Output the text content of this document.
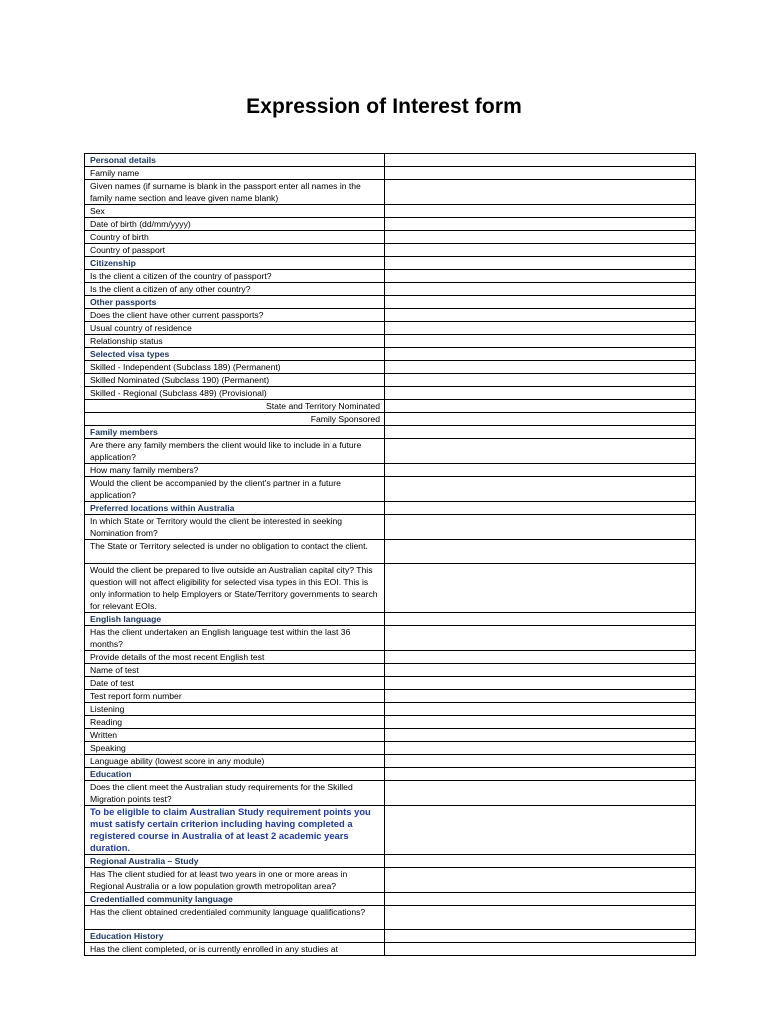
Expression of Interest form
Personal details	
Family name	
Given names (if surname is blank in the passport enter all names in the family name section and leave given name blank)	
Sex	
Date of birth (dd/mm/yyyy)	
Country of birth	
Country of passport	
Citizenship	
Is the client a citizen of the country of passport?	
Is the client a citizen of any other country?	
Other passports	
Does the client have other current passports?	
Usual country of residence	
Relationship status	
Selected visa types	
Skilled - Independent (Subclass 189) (Permanent)	
Skilled Nominated (Subclass 190) (Permanent)	
Skilled - Regional (Subclass 489) (Provisional)	
State and Territory Nominated	
Family Sponsored	
Family members	
Are there any family members the client would like to include in a future application?	
How many family members?	
Would the client be accompanied by the client's partner in a future application?	
Preferred locations within Australia	
In which State or Territory would the client be interested in seeking Nomination from?	
The State or Territory selected is under no obligation to contact the client.	
Would the client be prepared to live outside an Australian capital city? This question will not affect eligibility for selected visa types in this EOI. This is only information to help Employers or State/Territory governments to search for relevant EOIs.	
English language	
Has the client undertaken an English language test within the last 36 months?	
Provide details of the most recent English test	
Name of test	
Date of test	
Test report form number	
Listening	
Reading	
Written	
Speaking	
Language ability (lowest score in any module)	
Education	
Does the client meet the Australian study requirements for the Skilled Migration points test?	
To be eligible to claim Australian Study requirement points you must satisfy certain criterion including having completed a registered course in Australia of at least 2 academic years duration.	
Regional Australia – Study	
Has The client studied for at least two years in one or more areas in Regional Australia or a low population growth metropolitan area?	
Credentialled community language	
Has the client obtained credentialed community language qualifications?	
Education History	
Has the client completed, or is currently enrolled in any studies at	
